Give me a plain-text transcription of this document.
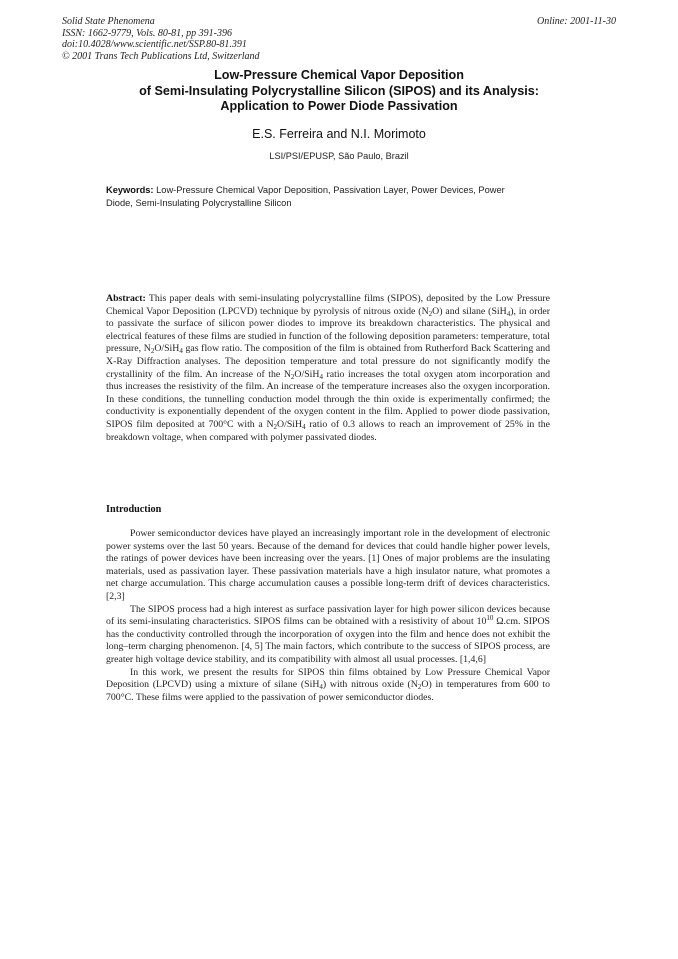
Solid State Phenomena
ISSN: 1662-9779, Vols. 80-81, pp 391-396
doi:10.4028/www.scientific.net/SSP.80-81.391
© 2001 Trans Tech Publications Ltd, Switzerland
Online: 2001-11-30
Low-Pressure Chemical Vapor Deposition
of Semi-Insulating Polycrystalline Silicon (SIPOS) and its Analysis:
Application to Power Diode Passivation
E.S. Ferreira and N.I. Morimoto
LSI/PSI/EPUSP, São Paulo, Brazil
Keywords: Low-Pressure Chemical Vapor Deposition, Passivation Layer, Power Devices, Power Diode, Semi-Insulating Polycrystalline Silicon
Abstract: This paper deals with semi-insulating polycrystalline films (SIPOS), deposited by the Low Pressure Chemical Vapor Deposition (LPCVD) technique by pyrolysis of nitrous oxide $(N_2O)$ and silane (SiH$_4$), in order to passivate the surface of silicon power diodes to improve its breakdown characteristics. The physical and electrical features of these films are studied in function of the following deposition parameters: temperature, total pressure, $N_2O/SiH_4$ gas flow ratio. The composition of the film is obtained from Rutherford Back Scattering and X-Ray Diffraction analyses. The deposition temperature and total pressure do not significantly modify the crystallinity of the film. An increase of the $N_2O/SiH_4$ ratio increases the total oxygen atom incorporation and thus increases the resistivity of the film. An increase of the temperature increases also the oxygen incorporation. In these conditions, the tunnelling conduction model through the thin oxide is experimentally confirmed; the conductivity is exponentially dependent of the oxygen content in the film. Applied to power diode passivation, SIPOS film deposited at 700°C with a $N_2O/SiH_4$ ratio of 0.3 allows to reach an improvement of 25% in the breakdown voltage, when compared with polymer passivated diodes.
Introduction

Power semiconductor devices have played an increasingly important role in the development of electronic power systems over the last 50 years. Because of the demand for devices that could handle higher power levels, the ratings of power devices have been increasing over the years. [1] Ones of major problems are the insulating materials, used as passivation layer. These passivation materials have a high insulator nature, what promotes a net charge accumulation. This charge accumulation causes a possible long-term drift of devices characteristics. [2,3]

The SIPOS process had a high interest as surface passivation layer for high power silicon devices because of its semi-insulating characteristics. SIPOS films can be obtained with a resistivity of about $10^{10}$ Ω.cm. SIPOS has the conductivity controlled through the incorporation of oxygen into the film and hence does not exhibit the long–term charging phenomenon. [4, 5] The main factors, which contribute to the success of SIPOS process, are greater high voltage device stability, and its compatibility with almost all usual processes. [1,4,6]

In this work, we present the results for SIPOS thin films obtained by Low Pressure Chemical Vapor Deposition (LPCVD) using a mixture of silane (SiH$_4$) with nitrous oxide $(N_2O)$ in temperatures from 600 to 700°C. These films were applied to the passivation of power semiconductor diodes.
